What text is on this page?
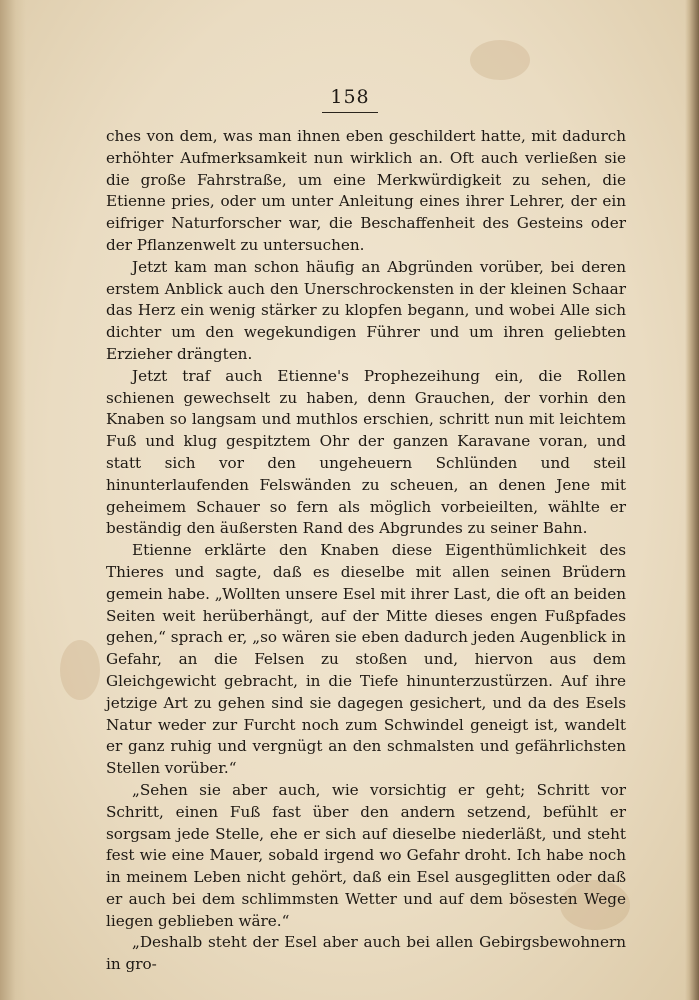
158

ches von dem, was man ihnen eben geschildert hatte, mit dadurch erhöhter Aufmerksamkeit nun wirklich an. Oft auch verließen sie die große Fahrstraße, um eine Merkwürdigkeit zu sehen, die Etienne pries, oder um unter Anleitung eines ihrer Lehrer, der ein eifriger Naturforscher war, die Beschaffenheit des Gesteins oder der Pflanzenwelt zu untersuchen.

Jetzt kam man schon häufig an Abgründen vorüber, bei deren erstem Anblick auch den Unerschrockensten in der kleinen Schaar das Herz ein wenig stärker zu klopfen begann, und wobei Alle sich dichter um den wegekundigen Führer und um ihren geliebten Erzieher drängten.

Jetzt traf auch Etienne's Prophezeihung ein, die Rollen schienen gewechselt zu haben, denn Grauchen, der vorhin den Knaben so langsam und muthlos erschien, schritt nun mit leichtem Fuß und klug gespitztem Ohr der ganzen Karavane voran, und statt sich vor den ungeheuern Schlünden und steil hinunterlaufenden Felswänden zu scheuen, an denen Jene mit geheimem Schauer so fern als möglich vorbeieilten, wählte er beständig den äußersten Rand des Abgrundes zu seiner Bahn.

Etienne erklärte den Knaben diese Eigenthümlichkeit des Thieres und sagte, daß es dieselbe mit allen seinen Brüdern gemein habe. „Wollten unsere Esel mit ihrer Last, die oft an beiden Seiten weit herüberhängt, auf der Mitte dieses engen Fußpfades gehen,“ sprach er, „so wären sie eben dadurch jeden Augenblick in Gefahr, an die Felsen zu stoßen und, hiervon aus dem Gleichgewicht gebracht, in die Tiefe hinunterzustürzen. Auf ihre jetzige Art zu gehen sind sie dagegen gesichert, und da des Esels Natur weder zur Furcht noch zum Schwindel geneigt ist, wandelt er ganz ruhig und vergnügt an den schmalsten und gefährlichsten Stellen vorüber.“

„Sehen sie aber auch, wie vorsichtig er geht; Schritt vor Schritt, einen Fuß fast über den andern setzend, befühlt er sorgsam jede Stelle, ehe er sich auf dieselbe niederläßt, und steht fest wie eine Mauer, sobald irgend wo Gefahr droht. Ich habe noch in meinem Leben nicht gehört, daß ein Esel ausgeglitten oder daß er auch bei dem schlimmsten Wetter und auf dem bösesten Wege liegen geblieben wäre.“

„Deshalb steht der Esel aber auch bei allen Gebirgsbewohnern in gro-
